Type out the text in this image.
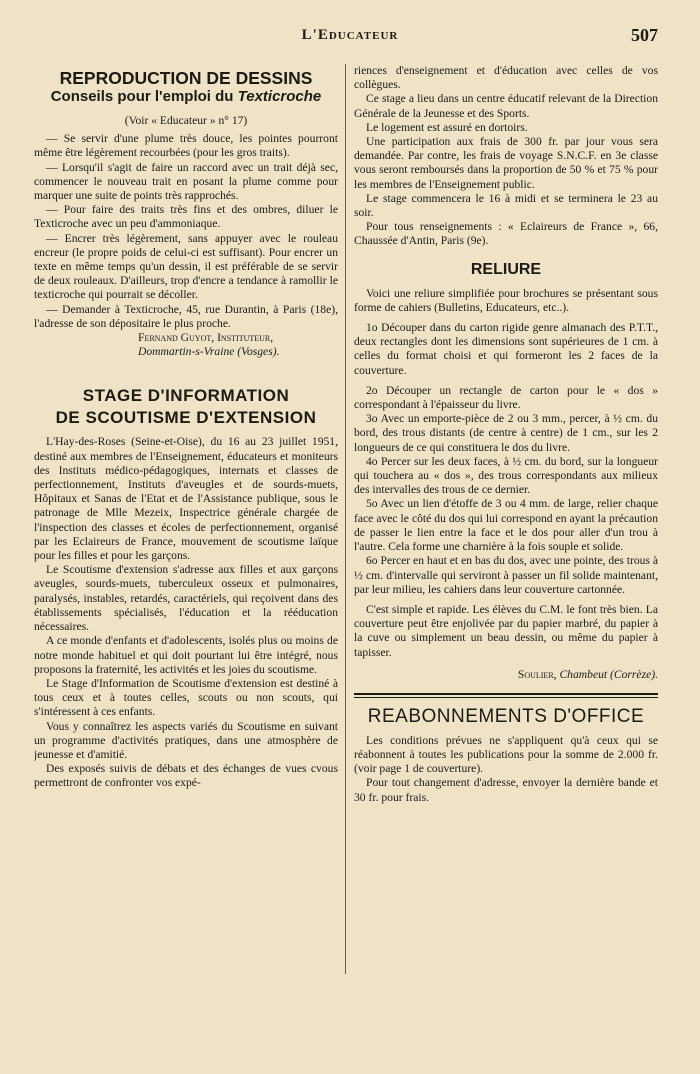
L'Educateur	507
REPRODUCTION DE DESSINS
Conseils pour l'emploi du Texticroche

(Voir « Educateur » n° 17)

— Se servir d'une plume très douce, les pointes pourront même être légèrement recourbées (pour les gros traits).

— Lorsqu'il s'agit de faire un raccord avec un trait déjà sec, commencer le nouveau trait en posant la plume comme pour marquer une suite de points très rapprochés.

— Pour faire des traits très fins et des ombres, diluer le Texticroche avec un peu d'ammoniaque.

— Encrer très légèrement, sans appuyer avec le rouleau encreur (le propre poids de celui-ci est suffisant). Pour encrer un texte en même temps qu'un dessin, il est préférable de se servir de deux rouleaux. D'ailleurs, trop d'encre a tendance à ramollir le texticroche qui pourrait se décoller.

— Demander à Texticroche, 45, rue Durantin, à Paris (18e), l'adresse de son dépositaire le plus proche.

Fernand Guyot, Instituteur,
Dommartin-s-Vraine (Vosges).
STAGE D'INFORMATION
DE SCOUTISME D'EXTENSION

L'Hay-des-Roses (Seine-et-Oise), du 16 au 23 juillet 1951, destiné aux membres de l'Enseignement, éducateurs et moniteurs des Instituts médico-pédagogiques, internats et classes de perfectionnement, Instituts d'aveugles et de sourds-muets, Hôpitaux et Sanas de l'Etat et de l'Assistance publique, sous le patronage de Mlle Mezeix, Inspectrice générale chargée de l'inspection des classes et écoles de perfectionnement, organisé par les Eclaireurs de France, mouvement de scoutisme laïque pour les filles et pour les garçons.

Le Scoutisme d'extension s'adresse aux filles et aux garçons aveugles, sourds-muets, tuberculeux osseux et pulmonaires, paralysés, instables, retardés, caractériels, qui reçoivent dans des établissements spécialisés, l'éducation et la rééducation nécessaires.

A ce monde d'enfants et d'adolescents, isolés plus ou moins de notre monde habituel et qui doit pourtant lui être intégré, nous proposons la fraternité, les activités et les joies du scoutisme.

Le Stage d'Information de Scoutisme d'extension est destiné à tous ceux et à toutes celles, scouts ou non scouts, qui s'intéressent à ces enfants.

Vous y connaîtrez les aspects variés du Scoutisme en suivant un programme d'activités pratiques, dans une atmosphère de jeunesse et d'amitié.

Des exposés suivis de débats et des échanges de vues cvous permettront de confronter vos expé-

riences d'enseignement et d'éducation avec celles de vos collègues.

Ce stage a lieu dans un centre éducatif relevant de la Direction Générale de la Jeunesse et des Sports.

Le logement est assuré en dortoirs.

Une participation aux frais de 300 fr. par jour vous sera demandée. Par contre, les frais de voyage S.N.C.F. en 3e classe vous seront remboursés dans la proportion de 50 % et 75 % pour les membres de l'Enseignement public.

Le stage commencera le 16 à midi et se terminera le 23 au soir.

Pour tous renseignements : « Eclaireurs de France », 66, Chaussée d'Antin, Paris (9e).

RELIURE

Voici une reliure simplifiée pour brochures se présentant sous forme de cahiers (Bulletins, Educateurs, etc..).

1o Découper dans du carton rigide genre almanach des P.T.T., deux rectangles dont les dimensions sont supérieures de 1 cm. à celles du format choisi et qui formeront les 2 faces de la couverture.

2o Découper un rectangle de carton pour le « dos » correspondant à l'épaisseur du livre.

3o Avec un emporte-pièce de 2 ou 3 mm., percer, à ½ cm. du bord, des trous distants (de centre à centre) de 1 cm., sur les 2 longueurs de ce qui constituera le dos du livre.

4o Percer sur les deux faces, à ½ cm. du bord, sur la longueur qui touchera au « dos », des trous correspondants aux milieux des intervalles des trous de ce dernier.

5o Avec un lien d'étoffe de 3 ou 4 mm. de large, relier chaque face avec le côté du dos qui lui correspond en ayant la précaution de passer le lien entre la face et le dos pour aller d'un trou à l'autre. Cela forme une charnière à la fois souple et solide.

6o Percer en haut et en bas du dos, avec une pointe, des trous à ½ cm. d'intervalle qui serviront à passer un fil solide maintenant, par leur milieu, les cahiers dans leur couverture cartonnée.

C'est simple et rapide. Les élèves du C.M. le font très bien. La couverture peut être enjolivée par du papier marbré, du papier à la cuve ou simplement un beau dessin, ou même du papier à tapisser.

Soulier, Chambeut (Corrèze).
REABONNEMENTS D'OFFICE

Les conditions prévues ne s'appliquent qu'à ceux qui se réabonnent à toutes les publications pour la somme de 2.000 fr. (voir page 1 de couverture).

Pour tout changement d'adresse, envoyer la dernière bande et 30 fr. pour frais.
